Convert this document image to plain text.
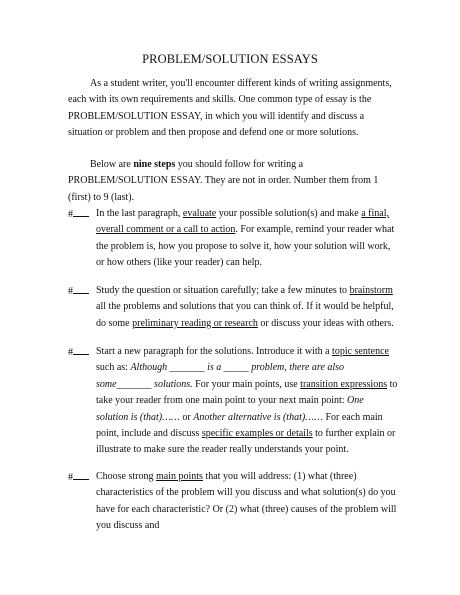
PROBLEM/SOLUTION ESSAYS

As a student writer, you'll encounter different kinds of writing assignments, each with its own requirements and skills. One common type of essay is the PROBLEM/SOLUTION ESSAY, in which you will identify and discuss a situation or problem and then propose and defend one or more solutions.

Below are nine steps you should follow for writing a PROBLEM/SOLUTION ESSAY. They are not in order. Number them from 1 (first) to 9 (last).

#	In the last paragraph, evaluate your possible solution(s) and make a final, overall comment or a call to action. For example, remind your reader what the problem is, how you propose to solve it, how your solution will work, or how others (like your reader) can help.

#	Study the question or situation carefully; take a few minutes to brainstorm all the problems and solutions that you can think of. If it would be helpful, do some preliminary reading or research or discuss your ideas with others.

#	Start a new paragraph for the solutions. Introduce it with a topic sentence such as: Although _______ is a _____ problem, there are also some_______ solutions. For your main points, use transition expressions to take your reader from one main point to your next main point: One solution is (that)…… or Another alternative is (that)…… For each main point, include and discuss specific examples or details to further explain or illustrate to make sure the reader really understands your point.

#	Choose strong main points that you will address: (1) what (three) characteristics of the problem will you discuss and what solution(s) do you have for each characteristic? Or (2) what (three) causes of the problem will you discuss and
